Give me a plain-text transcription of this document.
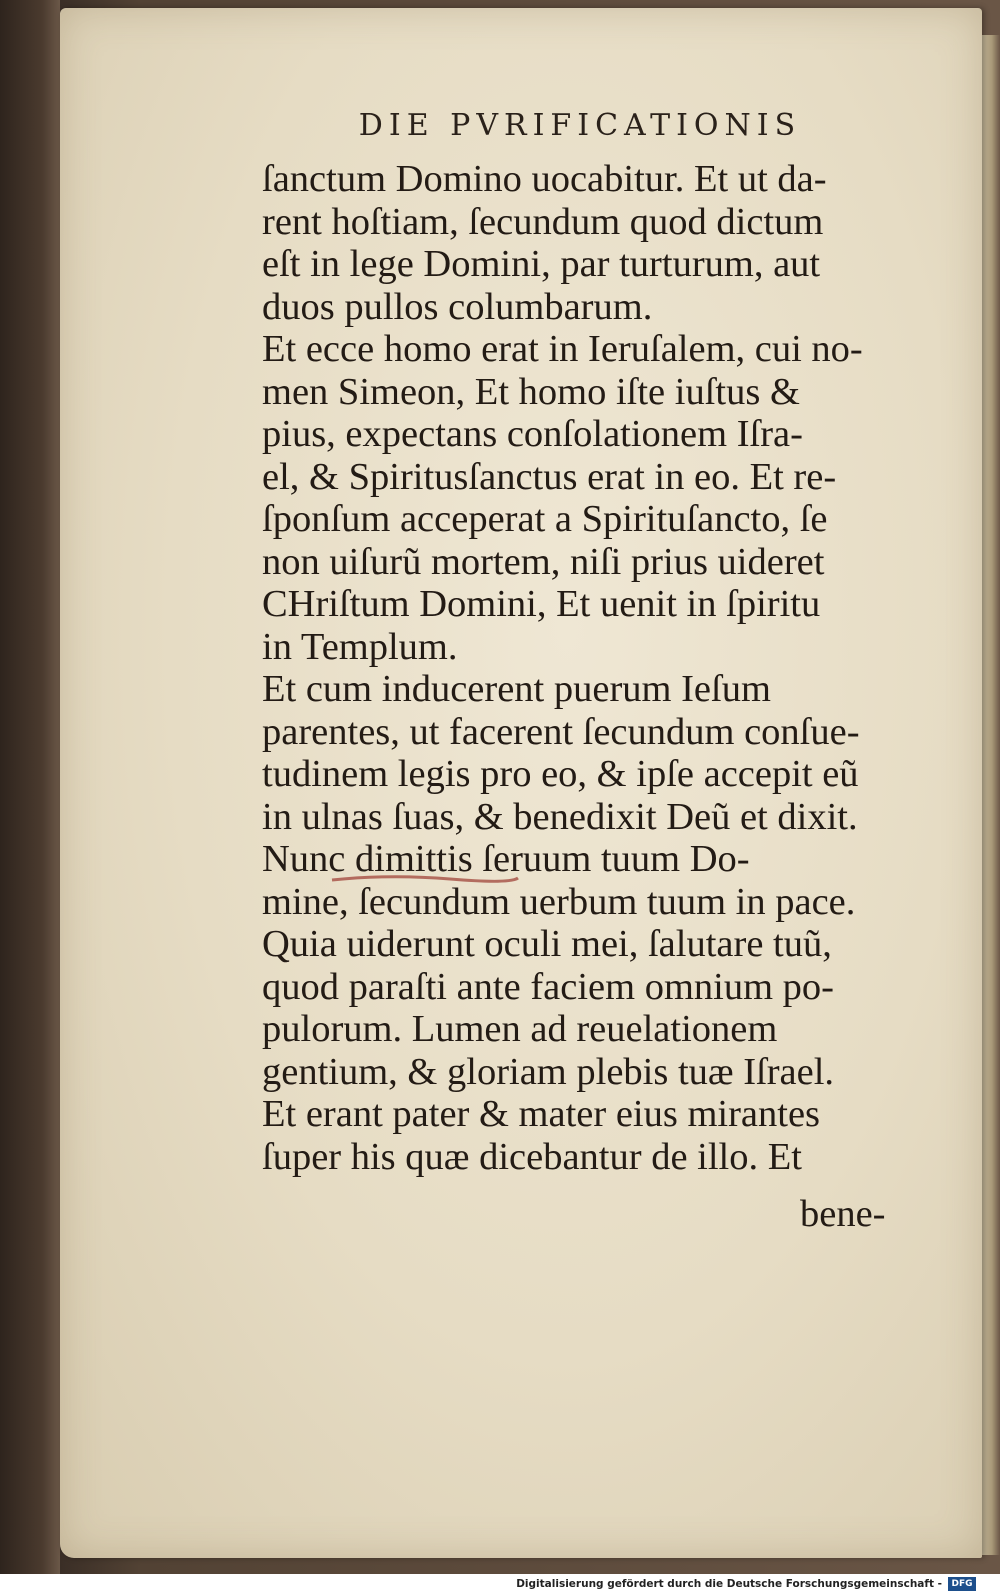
DIE PVRIFICATIONIS
ſanctum Domino uocabitur. Et ut da-
rent hoſtiam, ſecundum quod dictum
eſt in lege Domini, par turturum, aut
duos pullos columbarum.
Et ecce homo erat in Ieruſalem, cui no-
men Simeon, Et homo iſte iuſtus &
pius, expectans conſolationem Iſra-
el, & Spiritusſanctus erat in eo. Et re-
ſponſum acceperat a Spirituſancto, ſe
non uiſurũ mortem, niſi prius uideret
CHriſtum Domini, Et uenit in ſpiritu
in Templum.
Et cum inducerent puerum Ieſum
parentes, ut facerent ſecundum conſue-
tudinem legis pro eo, & ipſe accepit eũ
in ulnas ſuas, & benedixit Deũ et dixit.
Nunc dimittis ſeruum tuum Do-
mine, ſecundum uerbum tuum in pace.
Quia uiderunt oculi mei, ſalutare tuũ,
quod paraſti ante faciem omnium po-
pulorum. Lumen ad reuelationem
gentium, & gloriam plebis tuæ Iſrael.
Et erant pater & mater eius mirantes
ſuper his quæ dicebantur de illo. Et
bene-
Digitalisierung gefördert durch die Deutsche Forschungsgemeinschaft -	DFG
